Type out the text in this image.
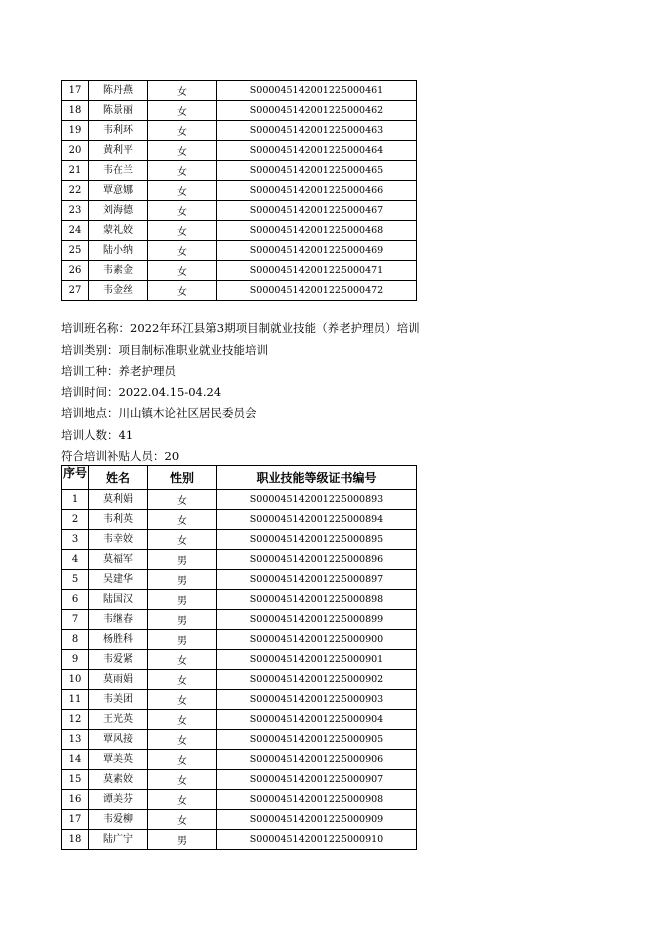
17	陈丹燕	女	S000045142001225000461
18	陈景丽	女	S000045142001225000462
19	韦利环	女	S000045142001225000463
20	黄利平	女	S000045142001225000464
21	韦在兰	女	S000045142001225000465
22	覃意娜	女	S000045142001225000466
23	刘海德	女	S000045142001225000467
24	蒙礼姣	女	S000045142001225000468
25	陆小纳	女	S000045142001225000469
26	韦素金	女	S000045142001225000471
27	韦金丝	女	S000045142001225000472
培训班名称：2022年环江县第3期项目制就业技能（养老护理员）培训
培训类别：项目制标准职业就业技能培训
培训工种：养老护理员
培训时间：2022.04.15-04.24
培训地点：川山镇木论社区居民委员会
培训人数：41
符合培训补贴人员：20
序号	姓名	性别	职业技能等级证书编号
1	莫利娟	女	S000045142001225000893
2	韦利英	女	S000045142001225000894
3	韦幸姣	女	S000045142001225000895
4	莫福军	男	S000045142001225000896
5	吴建华	男	S000045142001225000897
6	陆国汉	男	S000045142001225000898
7	韦继春	男	S000045142001225000899
8	杨胜科	男	S000045142001225000900
9	韦爱紧	女	S000045142001225000901
10	莫雨娟	女	S000045142001225000902
11	韦美团	女	S000045142001225000903
12	王光英	女	S000045142001225000904
13	覃风接	女	S000045142001225000905
14	覃美英	女	S000045142001225000906
15	莫素姣	女	S000045142001225000907
16	谭美芬	女	S000045142001225000908
17	韦爱柳	女	S000045142001225000909
18	陆广宁	男	S000045142001225000910
